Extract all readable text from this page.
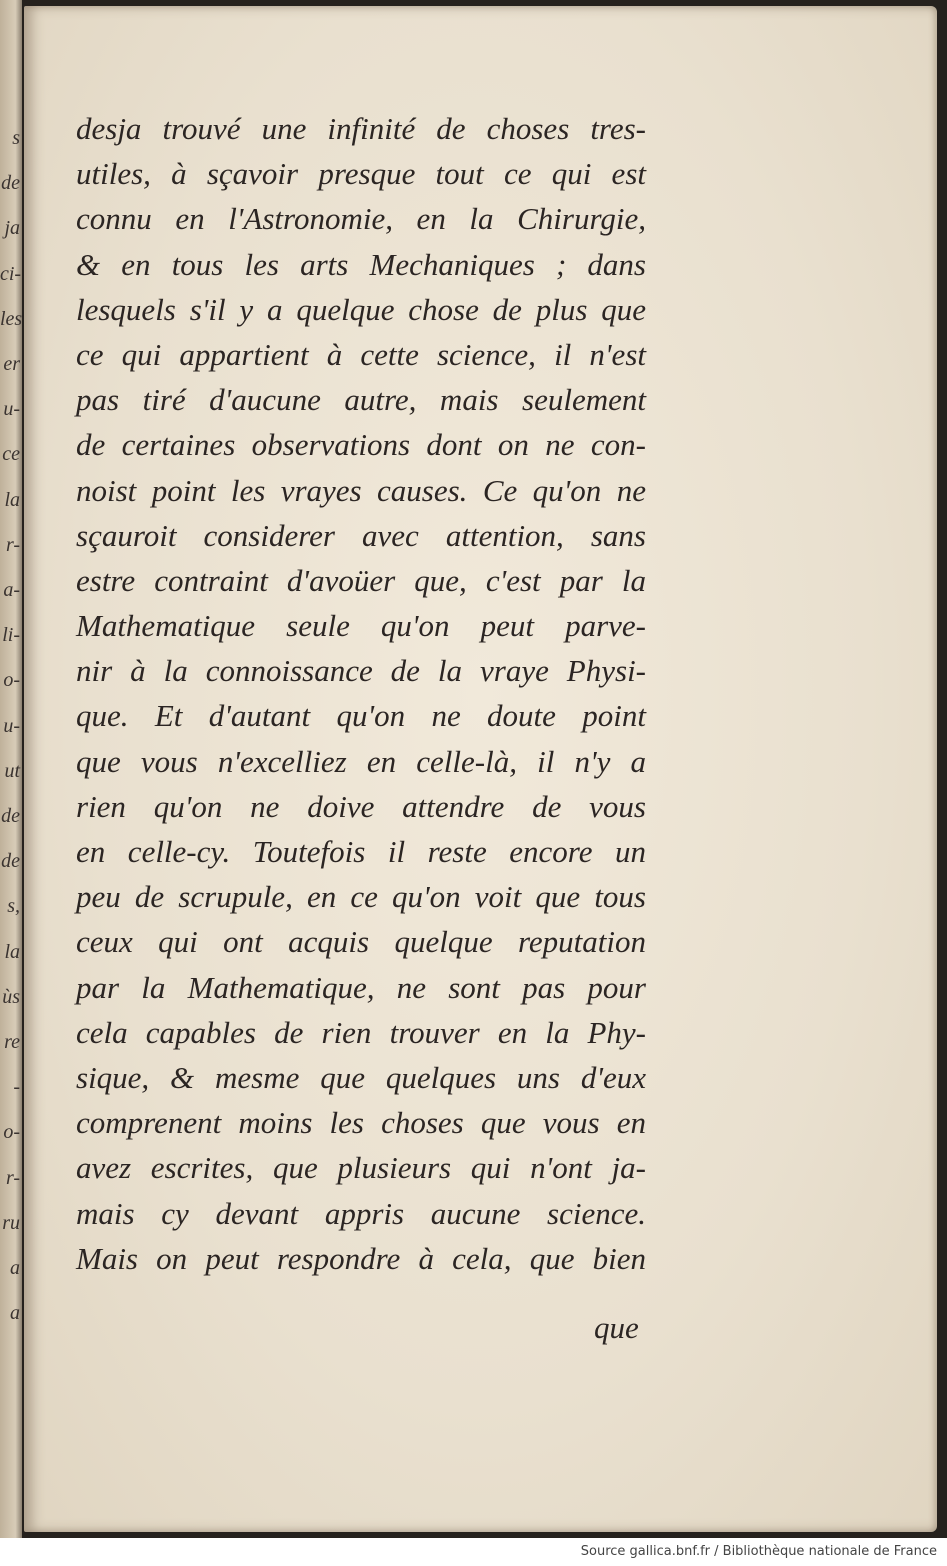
s
de
ja
ci-
les
er
u-
ce
la
r-
a-
li-
o-
u-
ut
de
de
s,
la
ùs
re
-
o-
r-
ru
a
a
desja trouvé une infinité de choses tres-
utiles, à sçavoir presque tout ce qui est
connu en l'Astronomie, en la Chirurgie,
& en tous les arts Mechaniques ; dans
lesquels s'il y a quelque chose de plus que
ce qui appartient à cette science, il n'est
pas tiré d'aucune autre, mais seulement
de certaines observations dont on ne con-
noist point les vrayes causes. Ce qu'on ne
sçauroit considerer avec attention, sans
estre contraint d'avoüer que, c'est par la
Mathematique seule qu'on peut parve-
nir à la connoissance de la vraye Physi-
que. Et d'autant qu'on ne doute point
que vous n'excelliez en celle-là, il n'y a
rien qu'on ne doive attendre de vous
en celle-cy. Toutefois il reste encore un
peu de scrupule, en ce qu'on voit que tous
ceux qui ont acquis quelque reputation
par la Mathematique, ne sont pas pour
cela capables de rien trouver en la Phy-
sique, & mesme que quelques uns d'eux
comprenent moins les choses que vous en
avez escrites, que plusieurs qui n'ont ja-
mais cy devant appris aucune science.
Mais on peut respondre à cela, que bien
que
Source gallica.bnf.fr / Bibliothèque nationale de France
